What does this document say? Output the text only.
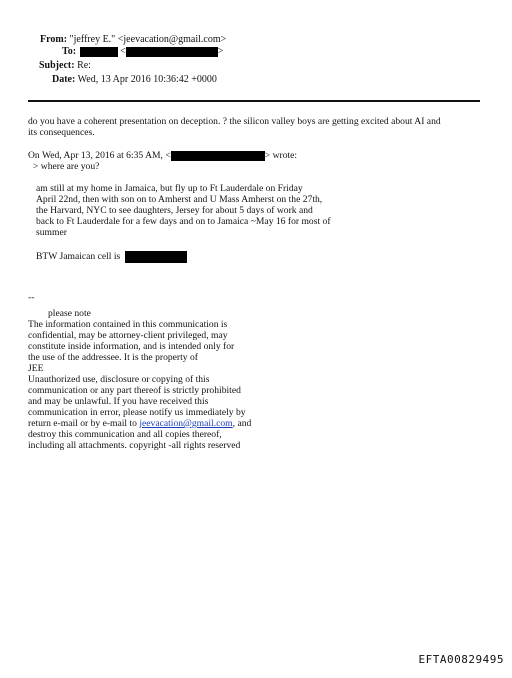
From: "jeffrey E." <jeevacation@gmail.com>
To:	<	>
Subject: Re:
Date: Wed, 13 Apr 2016 10:36:42 +0000
do you have a coherent presentation on deception. ? the silicon valley boys are getting excited about AI and
its consequences.
On Wed, Apr 13, 2016 at 6:35 AM, <	> wrote:
> where are you?
am still at my home in Jamaica, but fly up to Ft Lauderdale on Friday
April 22nd, then with son on to Amherst and U Mass Amherst on the 27th,
the Harvard, NYC to see daughters, Jersey for about 5 days of work and
back to Ft Lauderdale for a few days and on to Jamaica ~May 16 for most of
summer
BTW Jamaican cell is
--
please note
The information contained in this communication is
confidential, may be attorney-client privileged, may
constitute inside information, and is intended only for
the use of the addressee. It is the property of
JEE
Unauthorized use, disclosure or copying of this
communication or any part thereof is strictly prohibited
and may be unlawful. If you have received this
communication in error, please notify us immediately by
return e-mail or by e-mail to jeevacation@gmail.com, and
destroy this communication and all copies thereof,
including all attachments. copyright -all rights reserved
EFTA00829495
